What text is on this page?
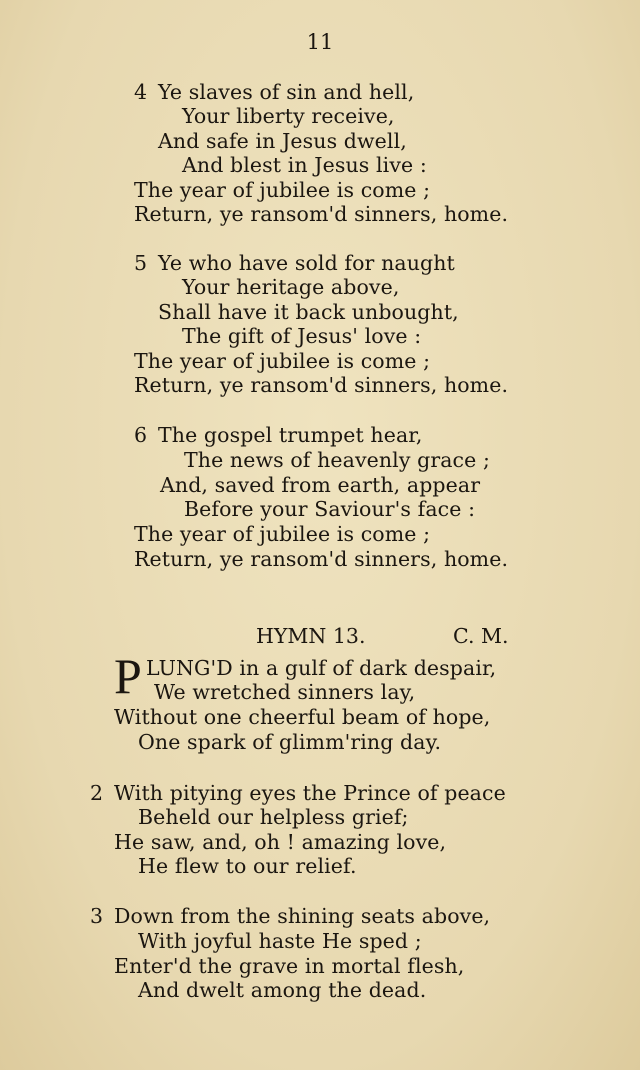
11
4 Ye slaves of sin and hell,
Your liberty receive,
And safe in Jesus dwell,
And blest in Jesus live :
The year of jubilee is come ;
Return, ye ransom'd sinners, home.
5 Ye who have sold for naught
Your heritage above,
Shall have it back unbought,
The gift of Jesus' love :
The year of jubilee is come ;
Return, ye ransom'd sinners, home.
6 The gospel trumpet hear,
The news of heavenly grace ;
And, saved from earth, appear
Before your Saviour's face :
The year of jubilee is come ;
Return, ye ransom'd sinners, home.
HYMN 13.	C. M.
P LUNG'D in a gulf of dark despair,
We wretched sinners lay,
Without one cheerful beam of hope,
One spark of glimm'ring day.
2 With pitying eyes the Prince of peace
Beheld our helpless grief;
He saw, and, oh ! amazing love,
He flew to our relief.
3 Down from the shining seats above,
With joyful haste He sped ;
Enter'd the grave in mortal flesh,
And dwelt among the dead.
